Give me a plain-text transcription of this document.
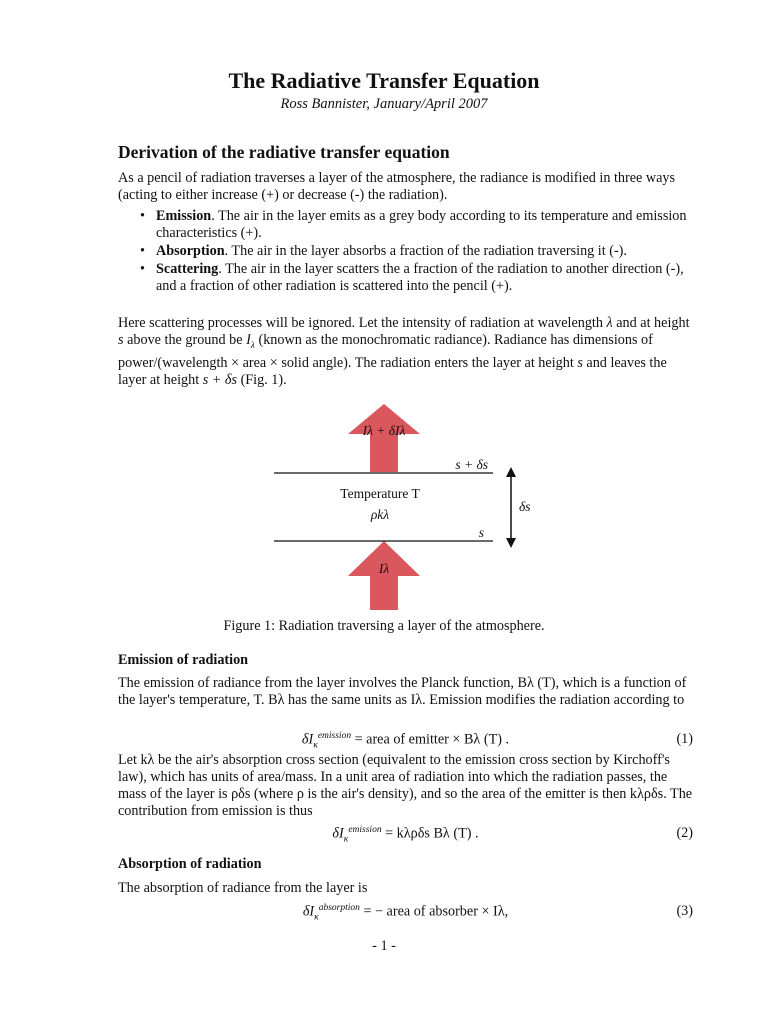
The Radiative Transfer Equation
Ross Bannister, January/April 2007
Derivation of the radiative transfer equation
As a pencil of radiation traverses a layer of the atmosphere, the radiance is modified in three ways (acting to either increase (+) or decrease (-) the radiation).
• Emission. The air in the layer emits as a grey body according to its temperature and emission characteristics (+).
• Absorption. The air in the layer absorbs a fraction of the radiation traversing it (-).
• Scattering. The air in the layer scatters the a fraction of the radiation to another direction (-), and a fraction of other radiation is scattered into the pencil (+).
Here scattering processes will be ignored. Let the intensity of radiation at wavelength λ and at height s above the ground be $I_\lambda$ (known as the monochromatic radiance). Radiance has dimensions of power/(wavelength × area × solid angle). The radiation enters the layer at height s and leaves the layer at height s + δs (Fig. 1).
Iλ + δIλ
Iλ
s + δs
s
δs
Temperature T
ρkλ
Figure 1: Radiation traversing a layer of the atmosphere.
Emission of radiation
The emission of radiance from the layer involves the Planck function, Bλ (T), which is a function of the layer's temperature, T. Bλ has the same units as Iλ. Emission modifies the radiation according to
$\delta I_\kappa^{emission}$ = area of emitter × Bλ (T) .	(1)
Let kλ be the air's absorption cross section (equivalent to the emission cross section by Kirchoff's law), which has units of area/mass. In a unit area of radiation into which the radiation passes, the mass of the layer is ρδs (where ρ is the air's density), and so the area of the emitter is then kλρδs. The contribution from emission is thus
$\delta I_\kappa^{emission} = k\lambda\rho\delta s$ Bλ (T) .	(2)
Absorption of radiation
The absorption of radiance from the layer is
$\delta I_\kappa^{absorption}$ = − area of absorber × Iλ,	(3)
- 1 -
